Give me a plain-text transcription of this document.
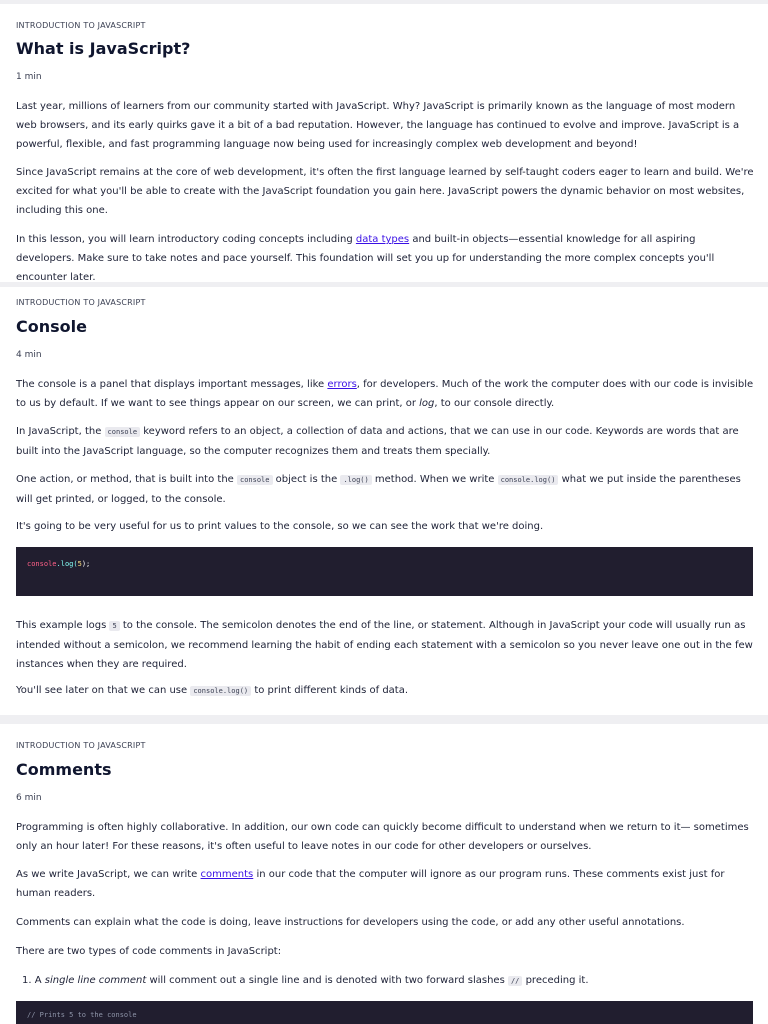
INTRODUCTION TO JAVASCRIPT
What is JavaScript?
1 min

Last year, millions of learners from our community started with JavaScript. Why? JavaScript is primarily known as the language of most modern web browsers, and its early quirks gave it a bit of a bad reputation. However, the language has continued to evolve and improve. JavaScript is a powerful, flexible, and fast programming language now being used for increasingly complex web development and beyond!

Since JavaScript remains at the core of web development, it's often the first language learned by self-taught coders eager to learn and build. We're excited for what you'll be able to create with the JavaScript foundation you gain here. JavaScript powers the dynamic behavior on most websites, including this one.

In this lesson, you will learn introductory coding concepts including data types and built-in objects—essential knowledge for all aspiring developers. Make sure to take notes and pace yourself. This foundation will set you up for understanding the more complex concepts you'll encounter later.

INTRODUCTION TO JAVASCRIPT
Console
4 min

The console is a panel that displays important messages, like errors, for developers. Much of the work the computer does with our code is invisible to us by default. If we want to see things appear on our screen, we can print, or log, to our console directly.

In JavaScript, the console keyword refers to an object, a collection of data and actions, that we can use in our code. Keywords are words that are built into the JavaScript language, so the computer recognizes them and treats them specially.

One action, or method, that is built into the console object is the .log() method. When we write console.log() what we put inside the parentheses will get printed, or logged, to the console.

It's going to be very useful for us to print values to the console, so we can see the work that we're doing.

console.log(5);

This example logs 5 to the console. The semicolon denotes the end of the line, or statement. Although in JavaScript your code will usually run as intended without a semicolon, we recommend learning the habit of ending each statement with a semicolon so you never leave one out in the few instances when they are required.

You'll see later on that we can use console.log() to print different kinds of data.

INTRODUCTION TO JAVASCRIPT
Comments
6 min

Programming is often highly collaborative. In addition, our own code can quickly become difficult to understand when we return to it— sometimes only an hour later! For these reasons, it's often useful to leave notes in our code for other developers or ourselves.

As we write JavaScript, we can write comments in our code that the computer will ignore as our program runs. These comments exist just for human readers.

Comments can explain what the code is doing, leave instructions for developers using the code, or add any other useful annotations.

There are two types of code comments in JavaScript:

1. A single line comment will comment out a single line and is denoted with two forward slashes // preceding it.
// Prints 5 to the console
